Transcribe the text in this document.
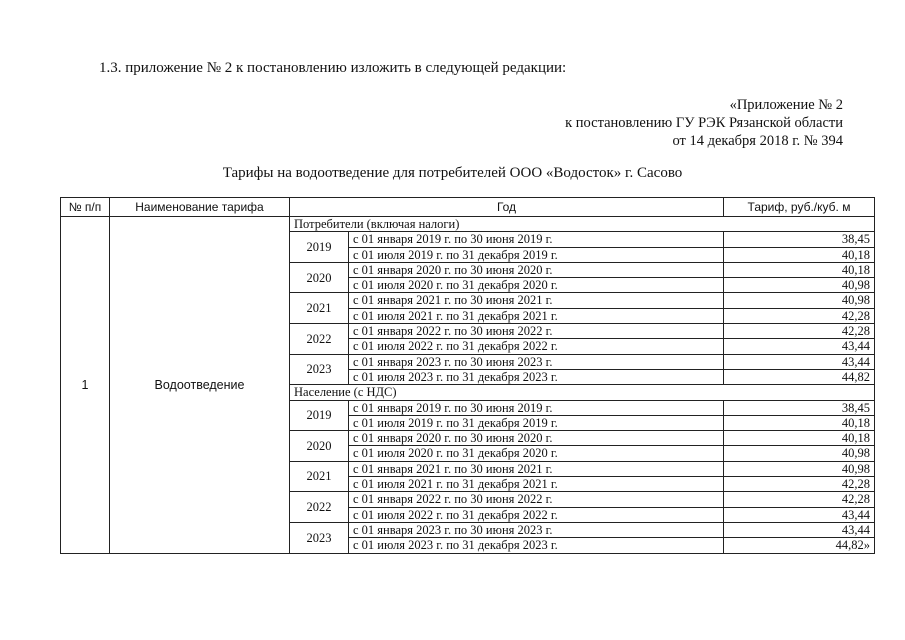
1.3. приложение № 2 к постановлению изложить в следующей редакции:
«Приложение № 2
к постановлению ГУ РЭК Рязанской области
от 14 декабря 2018 г. № 394
Тарифы на водоотведение для потребителей ООО «Водосток» г. Сасово
№ п/п	Наименование тарифа	Год		Тариф, руб./куб. м
1	Водоотведение	Потребители (включая налоги)		
		2019	с 01 января 2019 г. по 30 июня 2019 г.	38,45
			с 01 июля 2019 г. по 31 декабря 2019 г.	40,18
		2020	с 01 января 2020 г. по 30 июня 2020 г.	40,18
			с 01 июля 2020 г. по 31 декабря 2020 г.	40,98
		2021	с 01 января 2021 г. по 30 июня 2021 г.	40,98
			с 01 июля 2021 г. по 31 декабря 2021 г.	42,28
		2022	с 01 января 2022 г. по 30 июня 2022 г.	42,28
			с 01 июля 2022 г. по 31 декабря 2022 г.	43,44
		2023	с 01 января 2023 г. по 30 июня 2023 г.	43,44
			с 01 июля 2023 г. по 31 декабря 2023 г.	44,82
		Население (с НДС)		
		2019	с 01 января 2019 г. по 30 июня 2019 г.	38,45
			с 01 июля 2019 г. по 31 декабря 2019 г.	40,18
		2020	с 01 января 2020 г. по 30 июня 2020 г.	40,18
			с 01 июля 2020 г. по 31 декабря 2020 г.	40,98
		2021	с 01 января 2021 г. по 30 июня 2021 г.	40,98
			с 01 июля 2021 г. по 31 декабря 2021 г.	42,28
		2022	с 01 января 2022 г. по 30 июня 2022 г.	42,28
			с 01 июля 2022 г. по 31 декабря 2022 г.	43,44
		2023	с 01 января 2023 г. по 30 июня 2023 г.	43,44
			с 01 июля 2023 г. по 31 декабря 2023 г.	44,82»
